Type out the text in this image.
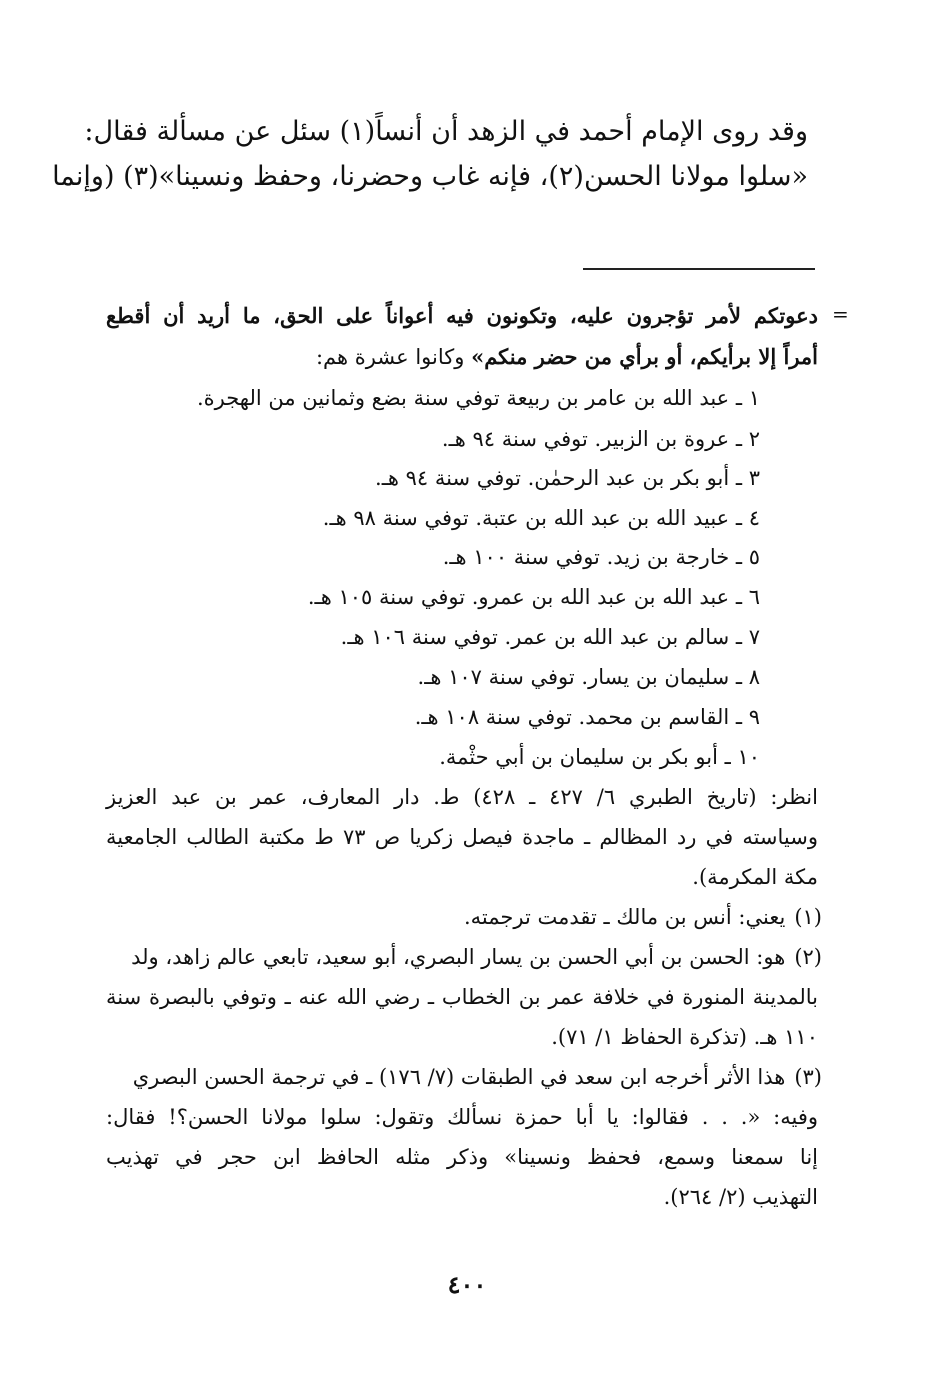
وقد روى الإمام أحمد في الزهد أن أنساً(١) سئل عن مسألة فقال:
«سلوا مولانا الحسن(٢)، فإنه غاب وحضرنا، وحفظ ونسينا»(٣) (وإنما
=
دعوتكم لأمر تؤجرون عليه، وتكونون فيه أعواناً على الحق، ما أريد أن أقطع
أمراً إلا برأيكم، أو برأي من حضر منكم» وكانوا عشرة هم:
١ ـ عبد الله بن عامر بن ربيعة توفي سنة بضع وثمانين من الهجرة.
٢ ـ عروة بن الزبير. توفي سنة ٩٤ هـ.
٣ ـ أبو بكر بن عبد الرحمٰن. توفي سنة ٩٤ هـ.
٤ ـ عبيد الله بن عبد الله بن عتبة. توفي سنة ٩٨ هـ.
٥ ـ خارجة بن زيد. توفي سنة ١٠٠ هـ.
٦ ـ عبد الله بن عبد الله بن عمرو. توفي سنة ١٠٥ هـ.
٧ ـ سالم بن عبد الله بن عمر. توفي سنة ١٠٦ هـ.
٨ ـ سليمان بن يسار. توفي سنة ١٠٧ هـ.
٩ ـ القاسم بن محمد. توفي سنة ١٠٨ هـ.
١٠ ـ أبو بكر بن سليمان بن أبي حثْمة.
انظر: (تاريخ الطبري ٦/ ٤٢٧ ـ ٤٢٨) ط. دار المعارف، عمر بن عبد العزيز
وسياسته في رد المظالم ـ ماجدة فيصل زكريا ص ٧٣ ط مكتبة الطالب الجامعية
مكة المكرمة).
(١) يعني: أنس بن مالك ـ تقدمت ترجمته.
(٢) هو: الحسن بن أبي الحسن بن يسار البصري، أبو سعيد، تابعي عالم زاهد، ولد
بالمدينة المنورة في خلافة عمر بن الخطاب ـ رضي الله عنه ـ وتوفي بالبصرة سنة
١١٠ هـ. (تذكرة الحفاظ ١/ ٧١).
(٣) هذا الأثر أخرجه ابن سعد في الطبقات (٧/ ١٧٦) ـ في ترجمة الحسن البصري
وفيه: «. . . فقالوا: يا أبا حمزة نسألك وتقول: سلوا مولانا الحسن؟! فقال:
إنا سمعنا وسمع، فحفظ ونسينا» وذكر مثله الحافظ ابن حجر في تهذيب
التهذيب (٢/ ٢٦٤).
٤٠٠
